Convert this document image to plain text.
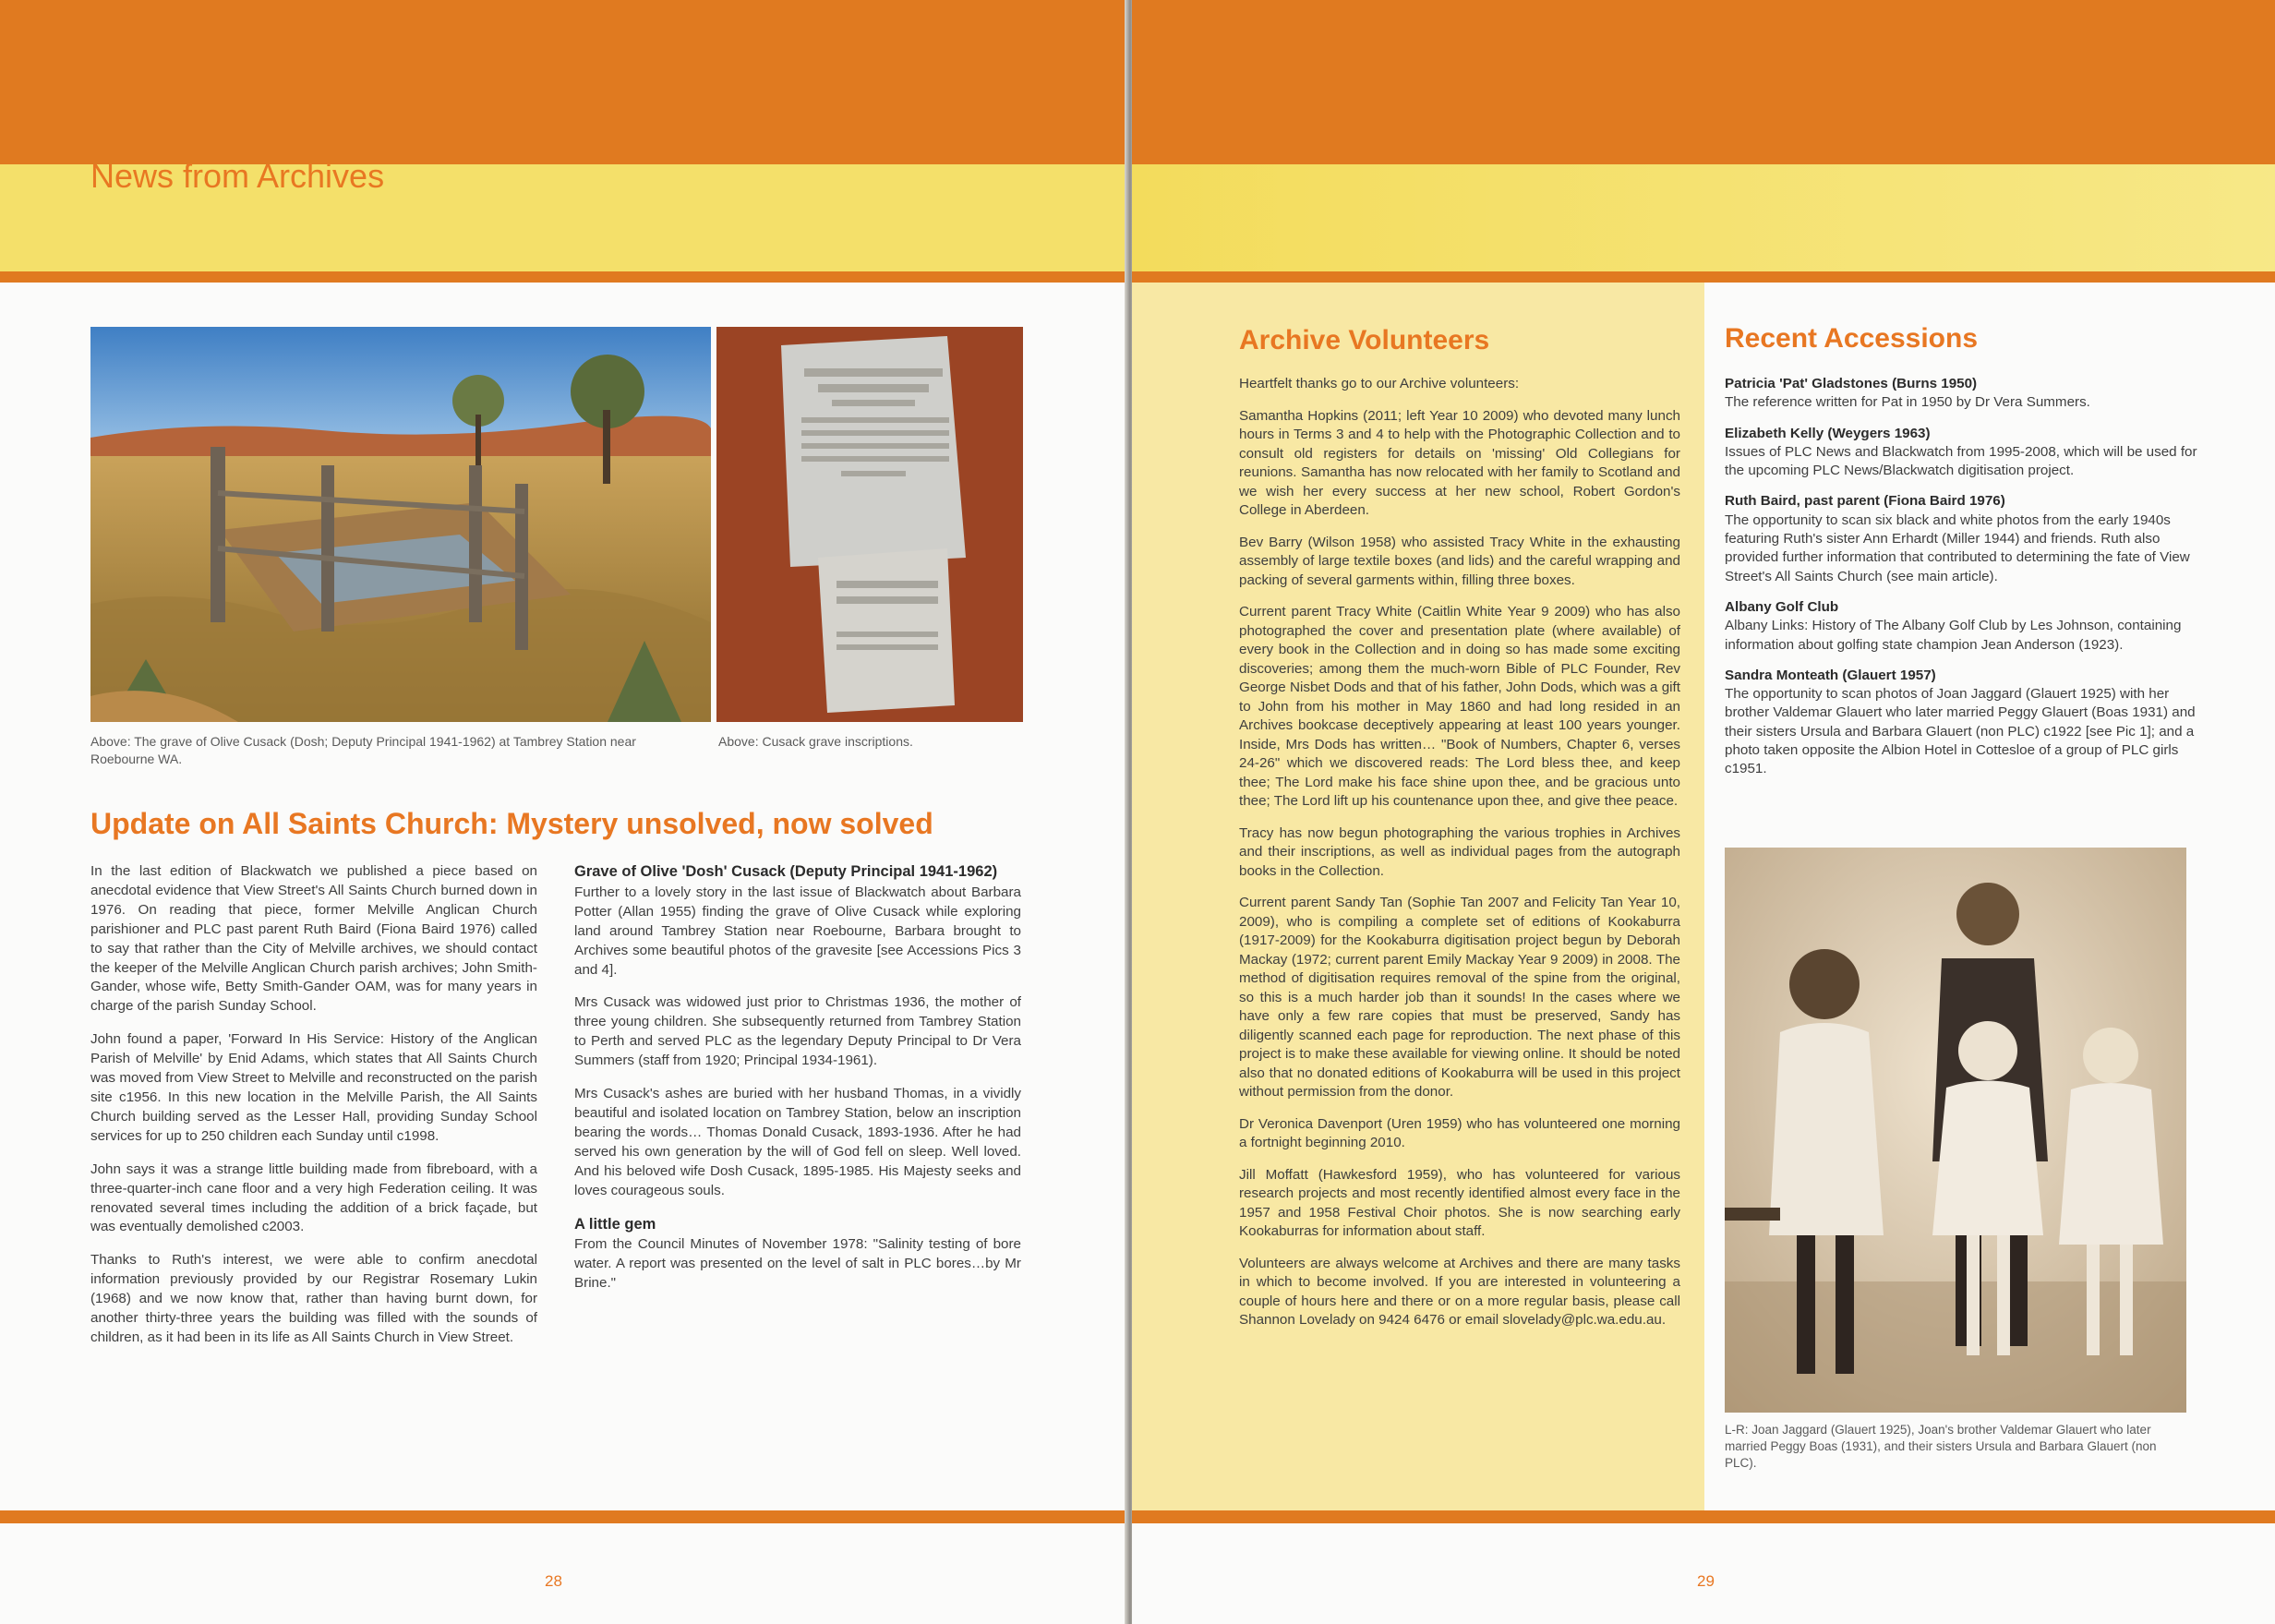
News from Archives
Above: The grave of Olive Cusack (Dosh; Deputy Principal 1941-1962) at Tambrey Station near Roebourne WA.
Above: Cusack grave inscriptions.
Update on All Saints Church: Mystery unsolved, now solved

In the last edition of Blackwatch we published a piece based on anecdotal evidence that View Street's All Saints Church burned down in 1976. On reading that piece, former Melville Anglican Church parishioner and PLC past parent Ruth Baird (Fiona Baird 1976) called to say that rather than the City of Melville archives, we should contact the keeper of the Melville Anglican Church parish archives; John Smith-Gander, whose wife, Betty Smith-Gander OAM, was for many years in charge of the parish Sunday School.

John found a paper, 'Forward In His Service: History of the Anglican Parish of Melville' by Enid Adams, which states that All Saints Church was moved from View Street to Melville and reconstructed on the parish site c1956. In this new location in the Melville Parish, the All Saints Church building served as the Lesser Hall, providing Sunday School services for up to 250 children each Sunday until c1998.

John says it was a strange little building made from fibreboard, with a three-quarter-inch cane floor and a very high Federation ceiling. It was renovated several times including the addition of a brick façade, but was eventually demolished c2003.

Thanks to Ruth's interest, we were able to confirm anecdotal information previously provided by our Registrar Rosemary Lukin (1968) and we now know that, rather than having burnt down, for another thirty-three years the building was filled with the sounds of children, as it had been in its life as All Saints Church in View Street.

Grave of Olive 'Dosh' Cusack (Deputy Principal 1941-1962)

Further to a lovely story in the last issue of Blackwatch about Barbara Potter (Allan 1955) finding the grave of Olive Cusack while exploring land around Tambrey Station near Roebourne, Barbara brought to Archives some beautiful photos of the gravesite [see Accessions Pics 3 and 4].

Mrs Cusack was widowed just prior to Christmas 1936, the mother of three young children. She subsequently returned from Tambrey Station to Perth and served PLC as the legendary Deputy Principal to Dr Vera Summers (staff from 1920; Principal 1934-1961).

Mrs Cusack's ashes are buried with her husband Thomas, in a vividly beautiful and isolated location on Tambrey Station, below an inscription bearing the words… Thomas Donald Cusack, 1893-1936. After he had served his own generation by the will of God fell on sleep. Well loved. And his beloved wife Dosh Cusack, 1895-1985. His Majesty seeks and loves courageous souls.

A little gem

From the Council Minutes of November 1978: "Salinity testing of bore water. A report was presented on the level of salt in PLC bores…by Mr Brine."

28
Archive Volunteers	Recent Accessions

Heartfelt thanks go to our Archive volunteers:

Samantha Hopkins (2011; left Year 10 2009) who devoted many lunch hours in Terms 3 and 4 to help with the Photographic Collection and to consult old registers for details on 'missing' Old Collegians for reunions. Samantha has now relocated with her family to Scotland and we wish her every success at her new school, Robert Gordon's College in Aberdeen.

Bev Barry (Wilson 1958) who assisted Tracy White in the exhausting assembly of large textile boxes (and lids) and the careful wrapping and packing of several garments within, filling three boxes.

Current parent Tracy White (Caitlin White Year 9 2009) who has also photographed the cover and presentation plate (where available) of every book in the Collection and in doing so has made some exciting discoveries; among them the much-worn Bible of PLC Founder, Rev George Nisbet Dods and that of his father, John Dods, which was a gift to John from his mother in May 1860 and had long resided in an Archives bookcase deceptively appearing at least 100 years younger. Inside, Mrs Dods has written… "Book of Numbers, Chapter 6, verses 24-26" which we discovered reads: The Lord bless thee, and keep thee; The Lord make his face shine upon thee, and be gracious unto thee; The Lord lift up his countenance upon thee, and give thee peace.

Tracy has now begun photographing the various trophies in Archives and their inscriptions, as well as individual pages from the autograph books in the Collection.

Current parent Sandy Tan (Sophie Tan 2007 and Felicity Tan Year 10, 2009), who is compiling a complete set of editions of Kookaburra (1917-2009) for the Kookaburra digitisation project begun by Deborah Mackay (1972; current parent Emily Mackay Year 9 2009) in 2008. The method of digitisation requires removal of the spine from the original, so this is a much harder job than it sounds! In the cases where we have only a few rare copies that must be preserved, Sandy has diligently scanned each page for reproduction. The next phase of this project is to make these available for viewing online. It should be noted also that no donated editions of Kookaburra will be used in this project without permission from the donor.

Dr Veronica Davenport (Uren 1959) who has volunteered one morning a fortnight beginning 2010.

Jill Moffatt (Hawkesford 1959), who has volunteered for various research projects and most recently identified almost every face in the 1957 and 1958 Festival Choir photos. She is now searching early Kookaburras for information about staff.

Volunteers are always welcome at Archives and there are many tasks in which to become involved. If you are interested in volunteering a couple of hours here and there or on a more regular basis, please call Shannon Lovelady on 9424 6476 or email slovelady@plc.wa.edu.au.

Patricia 'Pat' Gladstones (Burns 1950)
The reference written for Pat in 1950 by Dr Vera Summers.
Elizabeth Kelly (Weygers 1963)
Issues of PLC News and Blackwatch from 1995-2008, which will be used for the upcoming PLC News/Blackwatch digitisation project.
Ruth Baird, past parent (Fiona Baird 1976)
The opportunity to scan six black and white photos from the early 1940s featuring Ruth's sister Ann Erhardt (Miller 1944) and friends. Ruth also provided further information that contributed to determining the fate of View Street's All Saints Church (see main article).
Albany Golf Club
Albany Links: History of The Albany Golf Club by Les Johnson, containing information about golfing state champion Jean Anderson (1923).
Sandra Monteath (Glauert 1957)
The opportunity to scan photos of Joan Jaggard (Glauert 1925) with her brother Valdemar Glauert who later married Peggy Glauert (Boas 1931) and their sisters Ursula and Barbara Glauert (non PLC) c1922 [see Pic 1]; and a photo taken opposite the Albion Hotel in Cottesloe of a group of PLC girls c1951.
L-R: Joan Jaggard (Glauert 1925), Joan's brother Valdemar Glauert who later married Peggy Boas (1931), and their sisters Ursula and Barbara Glauert (non PLC).
29
